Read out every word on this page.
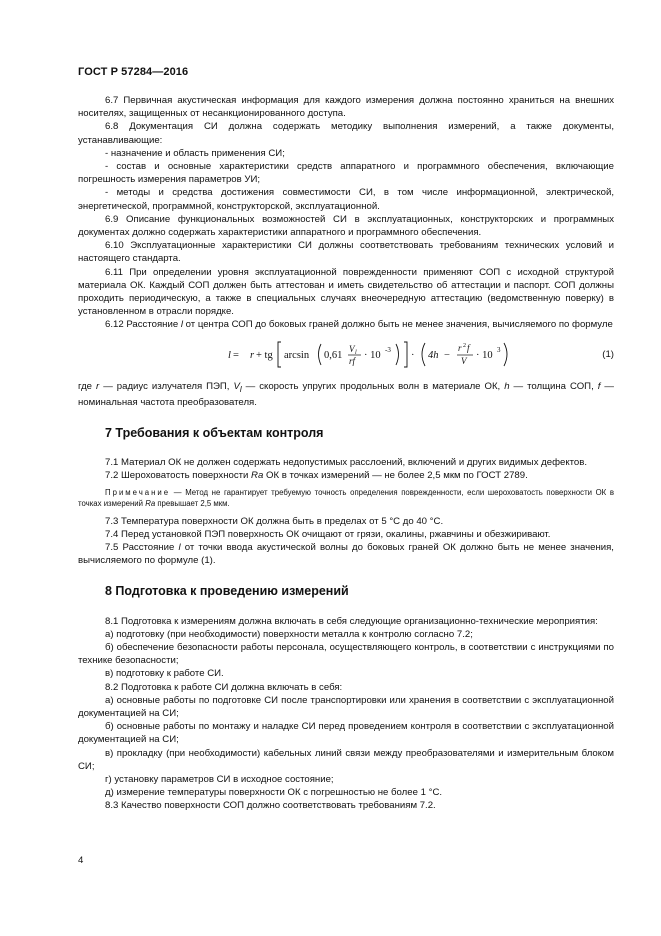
ГОСТ Р 57284—2016

6.7 Первичная акустическая информация для каждого измерения должна постоянно храниться на внешних носителях, защищенных от несанкционированного доступа.

6.8 Документация СИ должна содержать методику выполнения измерений, а также документы, устанавливающие:

- назначение и область применения СИ;

- состав и основные характеристики средств аппаратного и программного обеспечения, включающие погрешность измерения параметров УИ;

- методы и средства достижения совместимости СИ, в том числе информационной, электрической, энергетической, программной, конструкторской, эксплуатационной.

6.9 Описание функциональных возможностей СИ в эксплуатационных, конструкторских и программных документах должно содержать характеристики аппаратного и программного обеспечения.

6.10 Эксплуатационные характеристики СИ должны соответствовать требованиям технических условий и настоящего стандарта.

6.11 При определении уровня эксплуатационной поврежденности применяют СОП с исходной структурой материала ОК. Каждый СОП должен быть аттестован и иметь свидетельство об аттестации и паспорт. СОП должны проходить периодическую, а также в специальных случаях внеочередную аттестацию (ведомственную поверку) в установленном в отрасли порядке.

6.12 Расстояние l от центра СОП до боковых граней должно быть не менее значения, вычисляемого по формуле

l = r + tg arcsin 0,61
V l
rf · 10 -3 · 4h −
r 2 f
V · 10 3	(1)

где r — радиус излучателя ПЭП, $V_l$ — скорость упругих продольных волн в материале ОК, h — толщина СОП, f — номинальная частота преобразователя.

7 Требования к объектам контроля

7.1 Материал ОК не должен содержать недопустимых расслоений, включений и других видимых дефектов.

7.2 Шероховатость поверхности Ra ОК в точках измерений — не более 2,5 мкм по ГОСТ 2789.

Примечание — Метод не гарантирует требуемую точность определения поврежденности, если шероховатость поверхности ОК в точках измерений Ra превышает 2,5 мкм.

7.3 Температура поверхности ОК должна быть в пределах от 5 °С до 40 °С.

7.4 Перед установкой ПЭП поверхность ОК очищают от грязи, окалины, ржавчины и обезжиривают.

7.5 Расстояние l от точки ввода акустической волны до боковых граней ОК должно быть не менее значения, вычисляемого по формуле (1).

8 Подготовка к проведению измерений

8.1 Подготовка к измерениям должна включать в себя следующие организационно-технические мероприятия:

а) подготовку (при необходимости) поверхности металла к контролю согласно 7.2;

б) обеспечение безопасности работы персонала, осуществляющего контроль, в соответствии с инструкциями по технике безопасности;

в) подготовку к работе СИ.

8.2 Подготовка к работе СИ должна включать в себя:

а) основные работы по подготовке СИ после транспортировки или хранения в соответствии с эксплуатационной документацией на СИ;

б) основные работы по монтажу и наладке СИ перед проведением контроля в соответствии с эксплуатационной документацией на СИ;

в) прокладку (при необходимости) кабельных линий связи между преобразователями и измерительным блоком СИ;

г) установку параметров СИ в исходное состояние;

д) измерение температуры поверхности ОК с погрешностью не более 1 °С.

8.3 Качество поверхности СОП должно соответствовать требованиям 7.2.

4
